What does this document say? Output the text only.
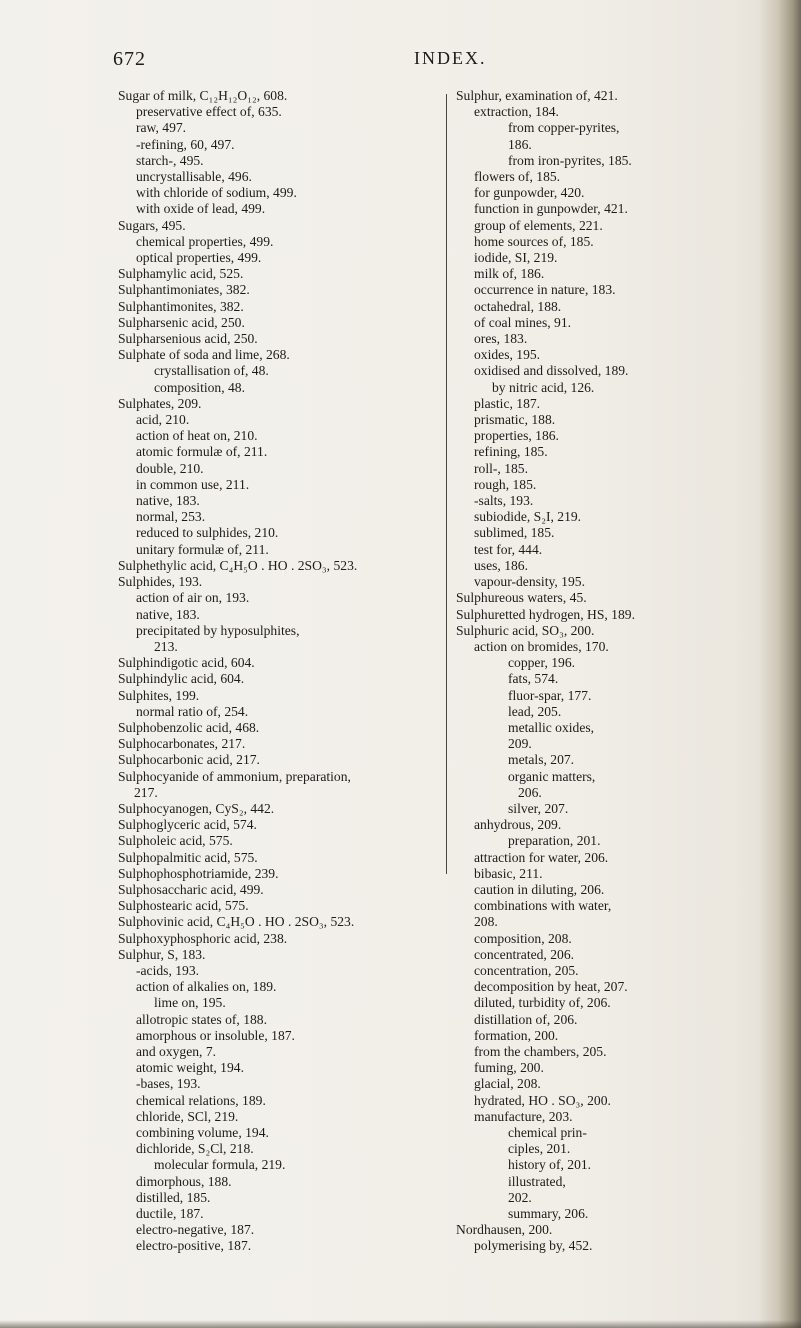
672	INDEX.
Sugar of milk, C₁₂H₁₂O₁₂, 608.
preservative effect of, 635.
raw, 497.
-refining, 60, 497.
starch-, 495.
uncrystallisable, 496.
with chloride of sodium, 499.
with oxide of lead, 499.
Sugars, 495.
chemical properties, 499.
optical properties, 499.
Sulphamylic acid, 525.
Sulphantimoniates, 382.
Sulphantimonites, 382.
Sulpharsenic acid, 250.
Sulpharsenious acid, 250.
Sulphate of soda and lime, 268.
crystallisation of, 48.
composition, 48.
Sulphates, 209.
acid, 210.
action of heat on, 210.
atomic formulæ of, 211.
double, 210.
in common use, 211.
native, 183.
normal, 253.
reduced to sulphides, 210.
unitary formulæ of, 211.
Sulphethylic acid, C₄H₅O . HO . 2SO₃, 523.
Sulphides, 193.
action of air on, 193.
native, 183.
precipitated by hyposulphites,
213.
Sulphindigotic acid, 604.
Sulphindylic acid, 604.
Sulphites, 199.
normal ratio of, 254.
Sulphobenzolic acid, 468.
Sulphocarbonates, 217.
Sulphocarbonic acid, 217.
Sulphocyanide of ammonium, preparation,
217.
Sulphocyanogen, CyS₂, 442.
Sulphoglyceric acid, 574.
Sulpholeic acid, 575.
Sulphopalmitic acid, 575.
Sulphophosphotriamide, 239.
Sulphosaccharic acid, 499.
Sulphostearic acid, 575.
Sulphovinic acid, C₄H₅O . HO . 2SO₃, 523.
Sulphoxyphosphoric acid, 238.
Sulphur, S, 183.
-acids, 193.
action of alkalies on, 189.
lime on, 195.
allotropic states of, 188.
amorphous or insoluble, 187.
and oxygen, 7.
atomic weight, 194.
-bases, 193.
chemical relations, 189.
chloride, SCl, 219.
combining volume, 194.
dichloride, S₂Cl, 218.
molecular formula, 219.
dimorphous, 188.
distilled, 185.
ductile, 187.
electro-negative, 187.
electro-positive, 187.
Sulphur, examination of, 421.
extraction, 184.
from copper-pyrites,
186.
from iron-pyrites, 185.
flowers of, 185.
for gunpowder, 420.
function in gunpowder, 421.
group of elements, 221.
home sources of, 185.
iodide, SI, 219.
milk of, 186.
occurrence in nature, 183.
octahedral, 188.
of coal mines, 91.
ores, 183.
oxides, 195.
oxidised and dissolved, 189.
by nitric acid, 126.
plastic, 187.
prismatic, 188.
properties, 186.
refining, 185.
roll-, 185.
rough, 185.
-salts, 193.
subiodide, S₂I, 219.
sublimed, 185.
test for, 444.
uses, 186.
vapour-density, 195.
Sulphureous waters, 45.
Sulphuretted hydrogen, HS, 189.
Sulphuric acid, SO₃, 200.
action on bromides, 170.
copper, 196.
fats, 574.
fluor-spar, 177.
lead, 205.
metallic oxides,
209.
metals, 207.
organic matters,
206.
silver, 207.
anhydrous, 209.
preparation, 201.
attraction for water, 206.
bibasic, 211.
caution in diluting, 206.
combinations with water,
208.
composition, 208.
concentrated, 206.
concentration, 205.
decomposition by heat, 207.
diluted, turbidity of, 206.
distillation of, 206.
formation, 200.
from the chambers, 205.
fuming, 200.
glacial, 208.
hydrated, HO . SO₃, 200.
manufacture, 203.
chemical prin-
ciples, 201.
history of, 201.
illustrated,
202.
summary, 206.
Nordhausen, 200.
polymerising by, 452.
